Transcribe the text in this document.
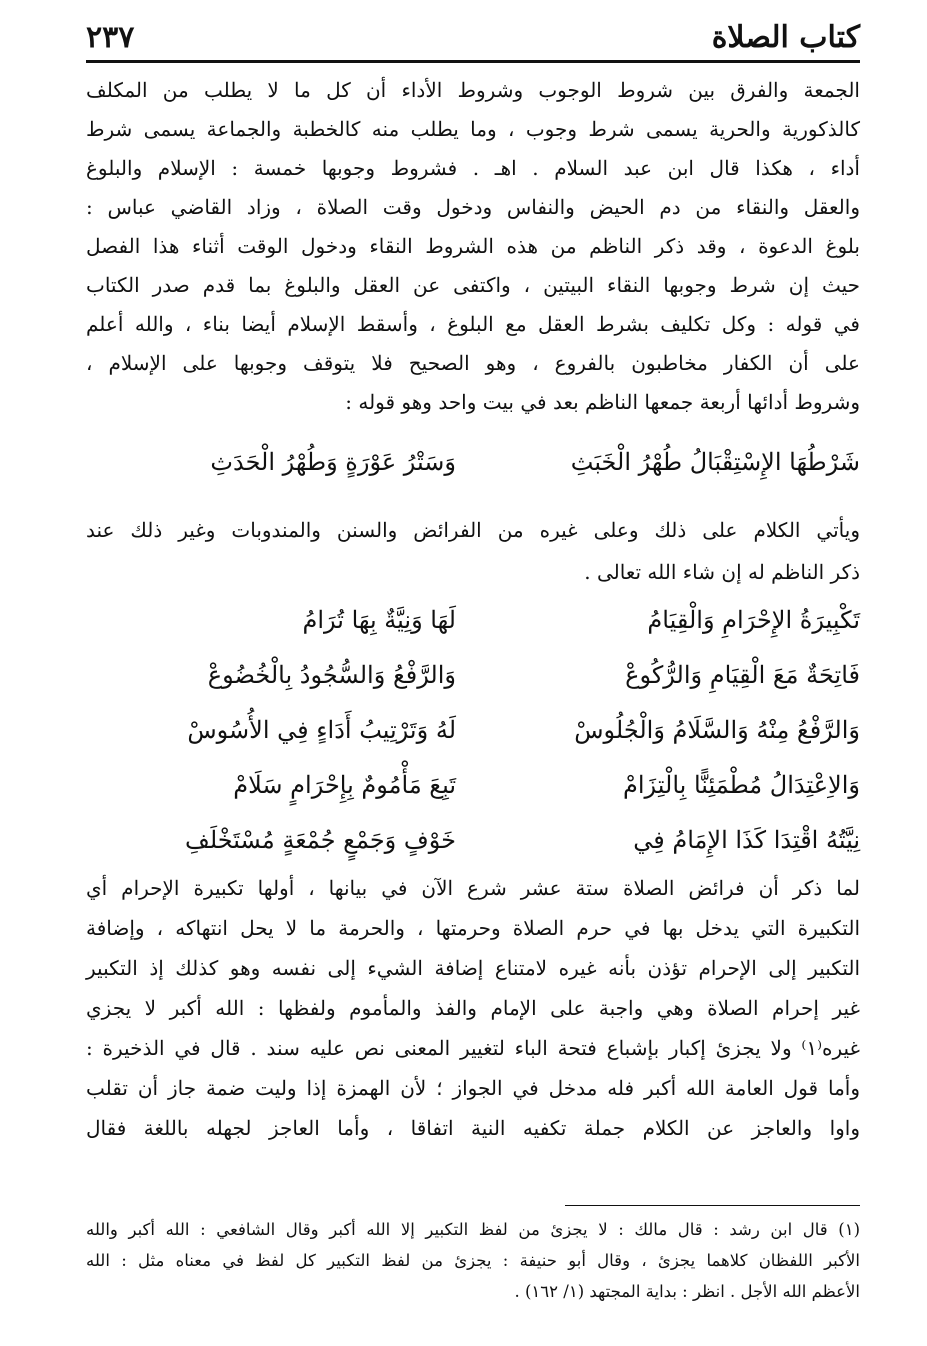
٢٣٧	كتاب الصلاة
الجمعة والفرق بين شروط الوجوب وشروط الأداء أن كل ما لا يطلب من المكلف
كالذكورية والحرية يسمى شرط وجوب ، وما يطلب منه كالخطبة والجماعة يسمى شرط
أداء ، هكذا قال ابن عبد السلام . اهـ . فشروط وجوبها خمسة : الإسلام والبلوغ
والعقل والنقاء من دم الحيض والنفاس ودخول وقت الصلاة ، وزاد القاضي عباس :
بلوغ الدعوة ، وقد ذكر الناظم من هذه الشروط النقاء ودخول الوقت أثناء هذا الفصل
حيث إن شرط وجوبها النقاء البيتين ، واكتفى عن العقل والبلوغ بما قدم صدر الكتاب
في قوله : وكل تكليف بشرط العقل مع البلوغ ، وأسقط الإسلام أيضا بناء ، والله أعلم
على أن الكفار مخاطبون بالفروع ، وهو الصحيح فلا يتوقف وجوبها على الإسلام ،
وشروط أدائها أربعة جمعها الناظم بعد في بيت واحد وهو قوله :
شَرْطُهَا الإِسْتِقْبَالُ طُهْرُ الْخَبَثِ
وَسَتْرُ عَوْرَةٍ وَطُهْرُ الْحَدَثِ
ويأتي الكلام على ذلك وعلى غيره من الفرائض والسنن والمندوبات وغير ذلك عند
ذكر الناظم له إن شاء الله تعالى .
تَكْبِيرَةُ الإِحْرَامِ وَالْقِيَامُ
لَهَا وَنِيَّةٌ بِهَا تُرَامُ
فَاتِحَةٌ مَعَ الْقِيَامِ وَالرُّكُوعْ
وَالرَّفْعُ وَالسُّجُودُ بِالْخُضُوعْ
وَالرَّفْعُ مِنْهُ وَالسَّلَامُ وَالْجُلُوسْ
لَهُ وَتَرْتِيبُ أَدَاءٍ فِي الأُسُوسْ
وَالاِعْتِدَالُ مُطْمَئِنًّا بِالْتِزَامْ
تَبِعَ مَأْمُومٌ بِإِحْرَامٍ سَلَامْ
نِيَّتُهُ اقْتِدَا كَذَا الإِمَامُ فِي
خَوْفٍ وَجَمْعٍ جُمْعَةٍ مُسْتَخْلَفِ
لما ذكر أن فرائض الصلاة ستة عشر شرع الآن في بيانها ، أولها تكبيرة الإحرام أي
التكبيرة التي يدخل بها في حرم الصلاة وحرمتها ، والحرمة ما لا يحل انتهاكه ، وإضافة
التكبير إلى الإحرام تؤذن بأنه غيره لامتناع إضافة الشيء إلى نفسه وهو كذلك إذ التكبير
غير إحرام الصلاة وهي واجبة على الإمام والفذ والمأموم ولفظها : الله أكبر لا يجزي
غيره⁽١⁾ ولا يجزئ إكبار بإشباع فتحة الباء لتغيير المعنى نص عليه سند . قال في الذخيرة :
وأما قول العامة الله أكبر فله مدخل في الجواز ؛ لأن الهمزة إذا وليت ضمة جاز أن تقلب
واوا والعاجز عن الكلام جملة تكفيه النية اتفاقا ، وأما العاجز لجهله باللغة فقال
(١) قال ابن رشد : قال مالك : لا يجزئ من لفظ التكبير إلا الله أكبر وقال الشافعي : الله أكبر والله
الأكبر اللفظان كلاهما يجزئ ، وقال أبو حنيفة : يجزئ من لفظ التكبير كل لفظ في معناه مثل : الله
الأعظم الله الأجل . انظر : بداية المجتهد (١/ ١٦٢) .
